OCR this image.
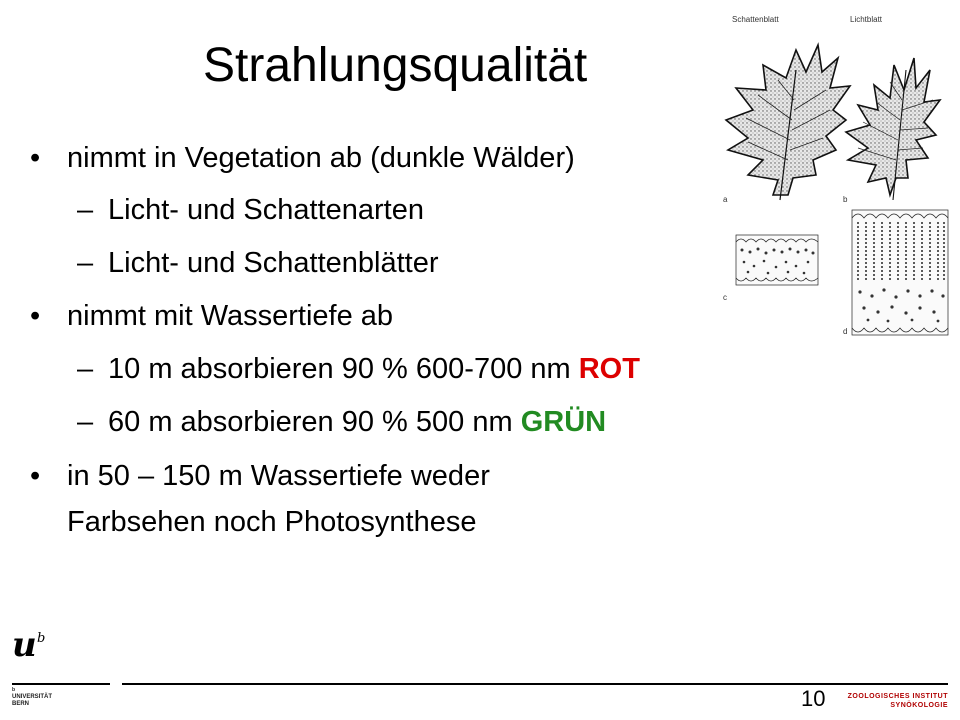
Strahlungsqualität
• nimmt in Vegetation ab (dunkle Wälder)
– Licht- und Schattenarten
– Licht- und Schattenblätter
• nimmt mit Wassertiefe ab
– 10 m absorbieren 90 % 600-700 nm ROT
– 60 m absorbieren 90 % 500 nm GRÜN
• in 50 – 150 m Wassertiefe weder
Farbsehen noch Photosynthese
Schattenblatt	Lichtblatt
a	b
c
d
u b
b
UNIVERSITÄT
BERN	10	ZOOLOGISCHES INSTITUT
SYNÖKOLOGIE
